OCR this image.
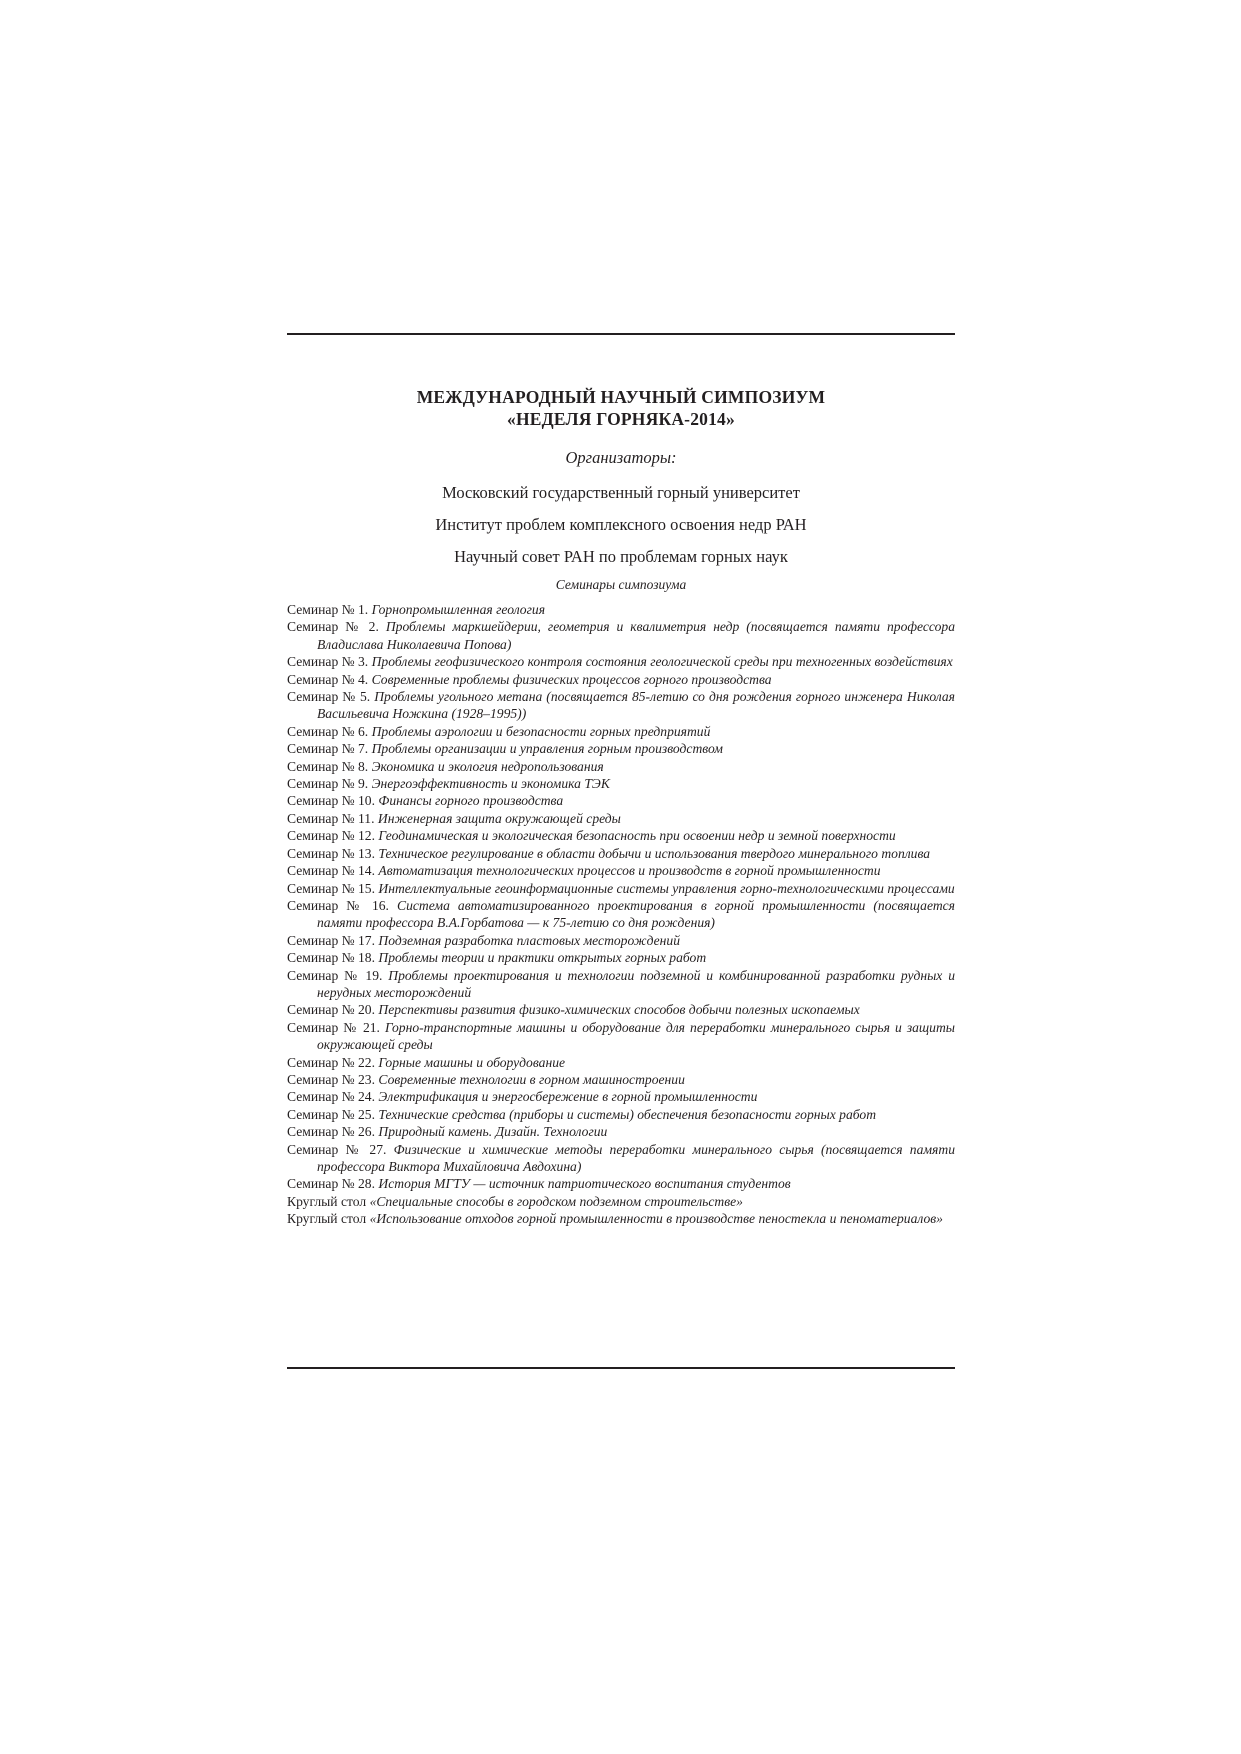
МЕЖДУНАРОДНЫЙ НАУЧНЫЙ СИМПОЗИУМ
«НЕДЕЛЯ ГОРНЯКА-2014»
Организаторы:
Московский государственный горный университет
Институт проблем комплексного освоения недр РАН
Научный совет РАН по проблемам горных наук
Семинары симпозиума
Семинар № 1. Горнопромышленная геология
Семинар № 2. Проблемы маркшейдерии, геометрия и квалиметрия недр (посвящается памяти профессора Владислава Николаевича Попова)
Семинар № 3. Проблемы геофизического контроля состояния геологической среды при техногенных воздействиях
Семинар № 4. Современные проблемы физических процессов горного производства
Семинар № 5. Проблемы угольного метана (посвящается 85-летию со дня рождения горного инженера Николая Васильевича Ножкина (1928–1995))
Семинар № 6. Проблемы аэрологии и безопасности горных предприятий
Семинар № 7. Проблемы организации и управления горным производством
Семинар № 8. Экономика и экология недропользования
Семинар № 9. Энергоэффективность и экономика ТЭК
Семинар № 10. Финансы горного производства
Семинар № 11. Инженерная защита окружающей среды
Семинар № 12. Геодинамическая и экологическая безопасность при освоении недр и земной поверхности
Семинар № 13. Техническое регулирование в области добычи и использования твердого минерального топлива
Семинар № 14. Автоматизация технологических процессов и производств в горной промышленности
Семинар № 15. Интеллектуальные геоинформационные системы управления горно-технологическими процессами
Семинар № 16. Система автоматизированного проектирования в горной промышленности (посвящается памяти профессора В.А.Горбатова — к 75-летию со дня рождения)
Семинар № 17. Подземная разработка пластовых месторождений
Семинар № 18. Проблемы теории и практики открытых горных работ
Семинар № 19. Проблемы проектирования и технологии подземной и комбинированной разработки рудных и нерудных месторождений
Семинар № 20. Перспективы развития физико-химических способов добычи полезных ископаемых
Семинар № 21. Горно-транспортные машины и оборудование для переработки минерального сырья и защиты окружающей среды
Семинар № 22. Горные машины и оборудование
Семинар № 23. Современные технологии в горном машиностроении
Семинар № 24. Электрификация и энергосбережение в горной промышленности
Семинар № 25. Технические средства (приборы и системы) обеспечения безопасности горных работ
Семинар № 26. Природный камень. Дизайн. Технологии
Семинар № 27. Физические и химические методы переработки минерального сырья (посвящается памяти профессора Виктора Михайловича Авдохина)
Семинар № 28. История МГТУ — источник патриотического воспитания студентов
Круглый стол «Специальные способы в городском подземном строительстве»
Круглый стол «Использование отходов горной промышленности в производстве пеностекла и пеноматериалов»
